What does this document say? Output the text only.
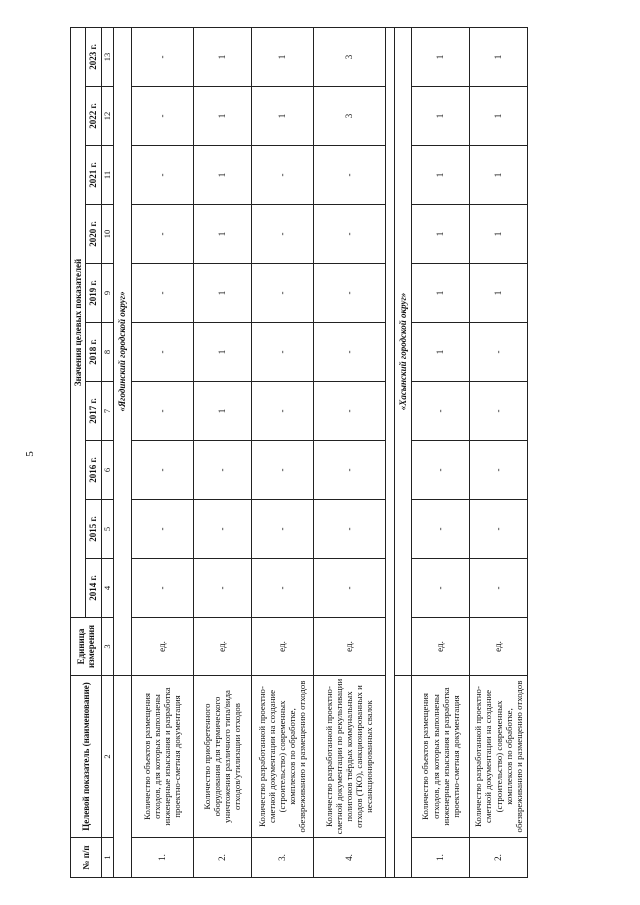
5
№ п/п	Целевой показатель (наименование)	Единица измерения	Значения целевых показателей									
			2014 г.	2015 г.	2016 г.	2017 г.	2018 г.	2019 г.	2020 г.	2021 г.	2022 г.	2023 г.
1	2	3	4	5	6	7	8	9	10	11	12	13
		«Ягодинский городской округ»										
1.	Количество объектов размещения отходов, для которых выполнены инженерные изыскания и разработка проектно-сметная документация	ед.	-	-	-	-	-	-	-	-	-	-
2.	Количество приобретенного оборудования для термического уничтожения различного типа/вида отходов/утилизации отходов	ед.	-	-	-	1	1	1	1	1	1	1
3.	Количество разработанной проектно-сметной документации на создание (строительство) современных комплексов по обработке, обезвреживанию и размещению отходов	ед.	-	-	-	-	-	-	-	-	1	1
4.	Количество разработанной проектно-сметной документации по рекультивации полигонов твёрдых коммунальных отходов (ТКО), санкционированных и несанкционированных свалок	ед.	-	-	-	-	-	-	-	-	3	3

		«Хасынский городской округ»										
1.	Количество объектов размещения отходов, для которых выполнены инженерные изыскания и разработка проектно-сметная документация	ед.	-	-	-	-	1	1	1	1	1	1
2.	Количество разработанной проектно-сметной документации на создание (строительство) современных комплексов по обработке, обезвреживанию и размещению отходов	ед.	-	-	-	-	-	1	1	1	1	1
